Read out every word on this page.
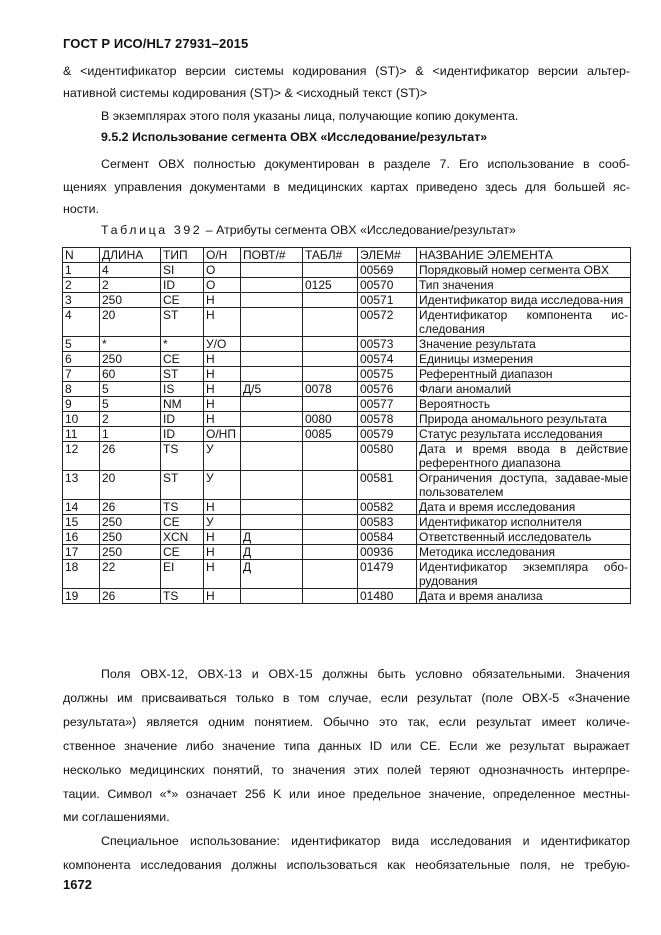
ГОСТ Р ИСО/HL7 27931–2015
& <идентификатор версии системы кодирования (ST)> & <идентификатор версии альтер-
нативной системы кодирования (ST)> & <исходный текст (ST)>
В экземплярах этого поля указаны лица, получающие копию документа.
9.5.2 Использование сегмента OBX «Исследование/результат»
Сегмент OBX полностью документирован в разделе 7. Его использование в сооб-
щениях управления документами в медицинских картах приведено здесь для большей яс-
ности.
Таблица 392 – Атрибуты сегмента OBX «Исследование/результат»
N	ДЛИНА	ТИП	О/Н	ПОВТ/#	ТАБЛ#	ЭЛЕМ#	НАЗВАНИЕ ЭЛЕМЕНТА
1	4	SI	О			00569	Порядковый номер сегмента OBX
2	2	ID	О		0125	00570	Тип значения
3	250	CE	Н			00571	Идентификатор вида исследова-ния
4	20	ST	Н			00572	Идентификатор компонента ис-следования
5	*	*	У/О			00573	Значение результата
6	250	CE	Н			00574	Единицы измерения
7	60	ST	Н			00575	Референтный диапазон
8	5	IS	Н	Д/5	0078	00576	Флаги аномалий
9	5	NM	Н			00577	Вероятность
10	2	ID	Н		0080	00578	Природа аномального результата
11	1	ID	О/НП		0085	00579	Статус результата исследования
12	26	TS	У			00580	Дата и время ввода в действие референтного диапазона
13	20	ST	У			00581	Ограничения доступа, задавае-мые пользователем
14	26	TS	Н			00582	Дата и время исследования
15	250	CE	У			00583	Идентификатор исполнителя
16	250	XCN	Н	Д		00584	Ответственный исследователь
17	250	CE	Н	Д		00936	Методика исследования
18	22	EI	Н	Д		01479	Идентификатор экземпляра обо-рудования
19	26	TS	Н			01480	Дата и время анализа
Поля OBX-12, OBX-13 и OBX-15 должны быть условно обязательными. Значения
должны им присваиваться только в том случае, если результат (поле OBX-5 «Значение
результата») является одним понятием. Обычно это так, если результат имеет количе-
ственное значение либо значение типа данных ID или CE. Если же результат выражает
несколько медицинских понятий, то значения этих полей теряют однозначность интерпре-
тации. Символ «*» означает 256 K или иное предельное значение, определенное местны-
ми соглашениями.
Специальное использование: идентификатор вида исследования и идентификатор
компонента исследования должны использоваться как необязательные поля, не требую-
1672
